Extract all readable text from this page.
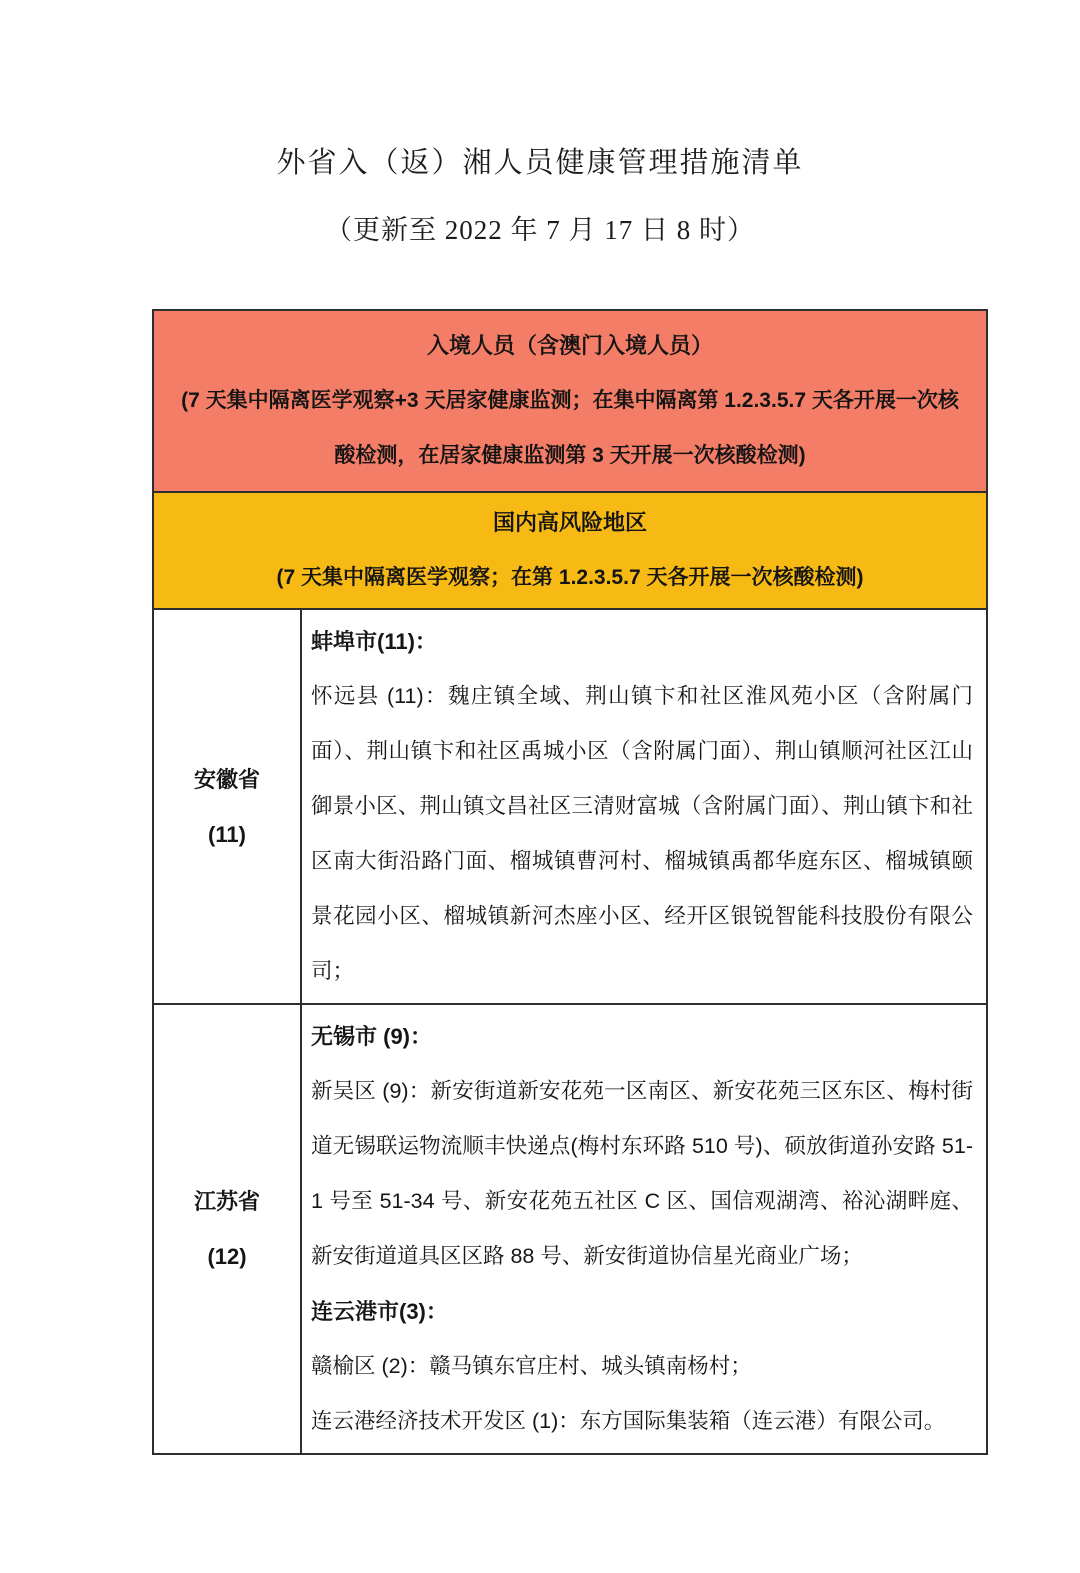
外省入（返）湘人员健康管理措施清单
（更新至 2022 年 7 月 17 日 8 时）
入境人员（含澳门入境人员）
(7 天集中隔离医学观察+3 天居家健康监测；在集中隔离第 1.2.3.5.7 天各开展一次核酸检测，在居家健康监测第 3 天开展一次核酸检测)
国内高风险地区
(7 天集中隔离医学观察；在第 1.2.3.5.7 天各开展一次核酸检测)
安徽省
(11)
蚌埠市(11)：
怀远县 (11)：魏庄镇全域、荆山镇卞和社区淮风苑小区（含附属门面）、荆山镇卞和社区禹城小区（含附属门面）、荆山镇顺河社区江山御景小区、荆山镇文昌社区三清财富城（含附属门面）、荆山镇卞和社区南大街沿路门面、榴城镇曹河村、榴城镇禹都华庭东区、榴城镇颐景花园小区、榴城镇新河杰座小区、经开区银锐智能科技股份有限公司；
江苏省
(12)
无锡市 (9)：
新吴区 (9)：新安街道新安花苑一区南区、新安花苑三区东区、梅村街道无锡联运物流顺丰快递点(梅村东环路 510 号)、硕放街道孙安路 51-1 号至 51-34 号、新安花苑五社区 C 区、国信观湖湾、裕沁湖畔庭、新安街道道具区区路 88 号、新安街道协信星光商业广场；
连云港市(3)：
赣榆区 (2)：赣马镇东官庄村、城头镇南杨村；
连云港经济技术开发区 (1)：东方国际集装箱（连云港）有限公司。
